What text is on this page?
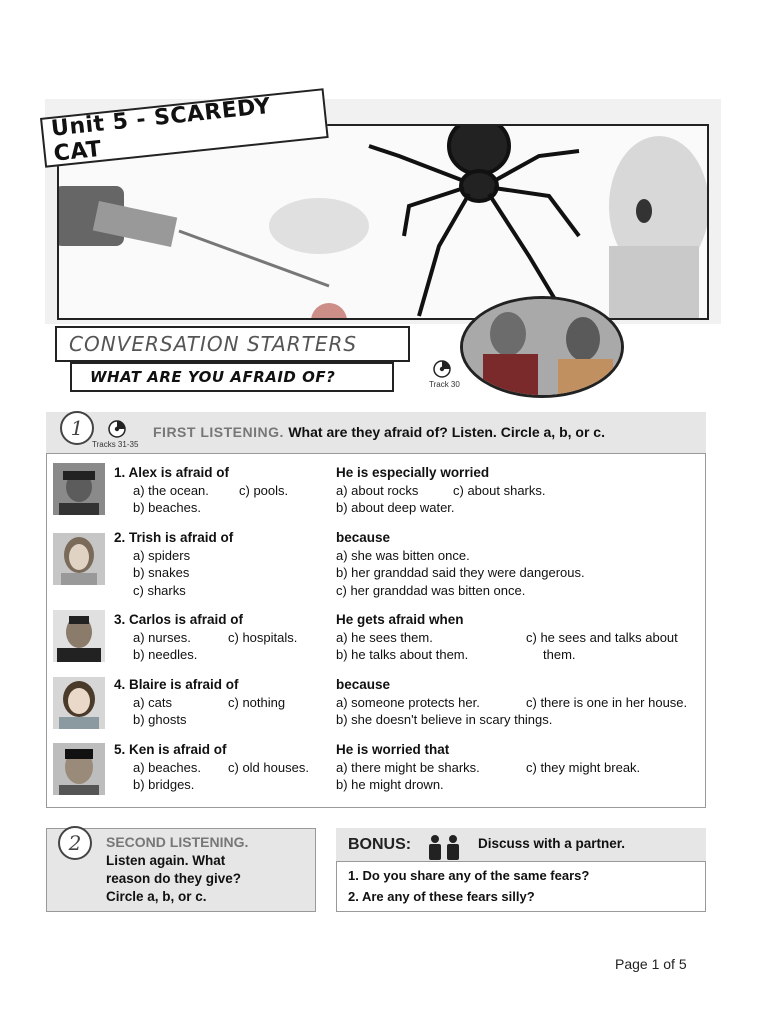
Unit 5 - SCAREDY CAT
CONVERSATION STARTERS
WHAT ARE YOU AFRAID OF?	Track 30
1
Tracks 31-35
FIRST LISTENING. What are they afraid of? Listen. Circle a, b, or c.
1. Alex is afraid of
a) the ocean. c) pools.
b) beaches.
He is especially worried
a) about rocks	c) about sharks.
b) about deep water.
2. Trish is afraid of
a) spiders
b) snakes
c) sharks
because
a) she was bitten once.
b) her granddad said they were dangerous.
c) her granddad was bitten once.
3. Carlos is afraid of
a) nurses.	c) hospitals.
b) needles.
He gets afraid when
a) he sees them.	c) he sees and talks about
b) he talks about them.	them.
4. Blaire is afraid of
a) cats	c) nothing
b) ghosts
because
a) someone protects her.	c) there is one in her house.
b) she doesn't believe in scary things.
5. Ken is afraid of
a) beaches. c) old houses.
b) bridges.
He is worried that
a) there might be sharks.	c) they might break.
b) he might drown.
2	SECOND LISTENING.
Listen again. What
reason do they give?
Circle a, b, or c.
BONUS:	Discuss with a partner.
1. Do you share any of the same fears?
2. Are any of these fears silly?
Page 1 of 5
